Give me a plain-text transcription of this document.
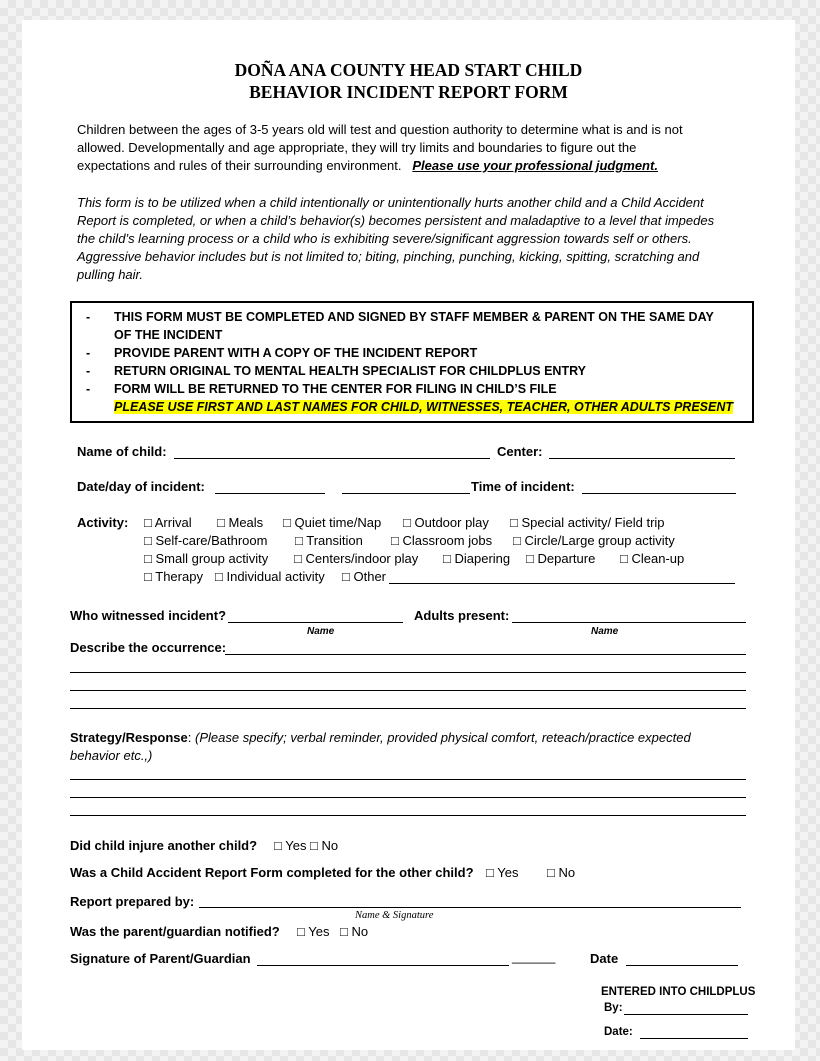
DOÑA ANA COUNTY HEAD START CHILD
BEHAVIOR INCIDENT REPORT FORM
Children between the ages of 3-5 years old will test and question authority to determine what is and is not
allowed. Developmentally and age appropriate, they will try limits and boundaries to figure out the
expectations and rules of their surrounding environment. Please use your professional judgment.
This form is to be utilized when a child intentionally or unintentionally hurts another child and a Child Accident
Report is completed, or when a child’s behavior(s) becomes persistent and maladaptive to a level that impedes
the child’s learning process or a child who is exhibiting severe/significant aggression towards self or others.
Aggressive behavior includes but is not limited to; biting, pinching, punching, kicking, spitting, scratching and
pulling hair.
- THIS FORM MUST BE COMPLETED AND SIGNED BY STAFF MEMBER & PARENT ON THE SAME DAY
OF THE INCIDENT
- PROVIDE PARENT WITH A COPY OF THE INCIDENT REPORT
- RETURN ORIGINAL TO MENTAL HEALTH SPECIALIST FOR CHILDPLUS ENTRY
- FORM WILL BE RETURNED TO THE CENTER FOR FILING IN CHILD’S FILE
PLEASE USE FIRST AND LAST NAMES FOR CHILD, WITNESSES, TEACHER, OTHER ADULTS PRESENT
Name of child:	Center:
Date/day of incident:	Time of incident:
Activity: □ Arrival □ Meals □ Quiet time/Nap □ Outdoor play □ Special activity/ Field trip
□ Self-care/Bathroom □ Transition □ Classroom jobs □ Circle/Large group activity
□ Small group activity □ Centers/indoor play □ Diapering □ Departure □ Clean-up
□ Therapy □ Individual activity □ Other
Who witnessed incident?	Adults present:
Name	Name
Describe the occurrence:
Strategy/Response: (Please specify; verbal reminder, provided physical comfort, reteach/practice expected
behavior etc.,)
Did child injure another child? □ Yes □ No
Was a Child Accident Report Form completed for the other child? □ Yes □ No
Report prepared by:
Name & Signature
Was the parent/guardian notified? □ Yes □ No
Signature of Parent/Guardian	______	Date
ENTERED INTO CHILDPLUS
By:
Date:
